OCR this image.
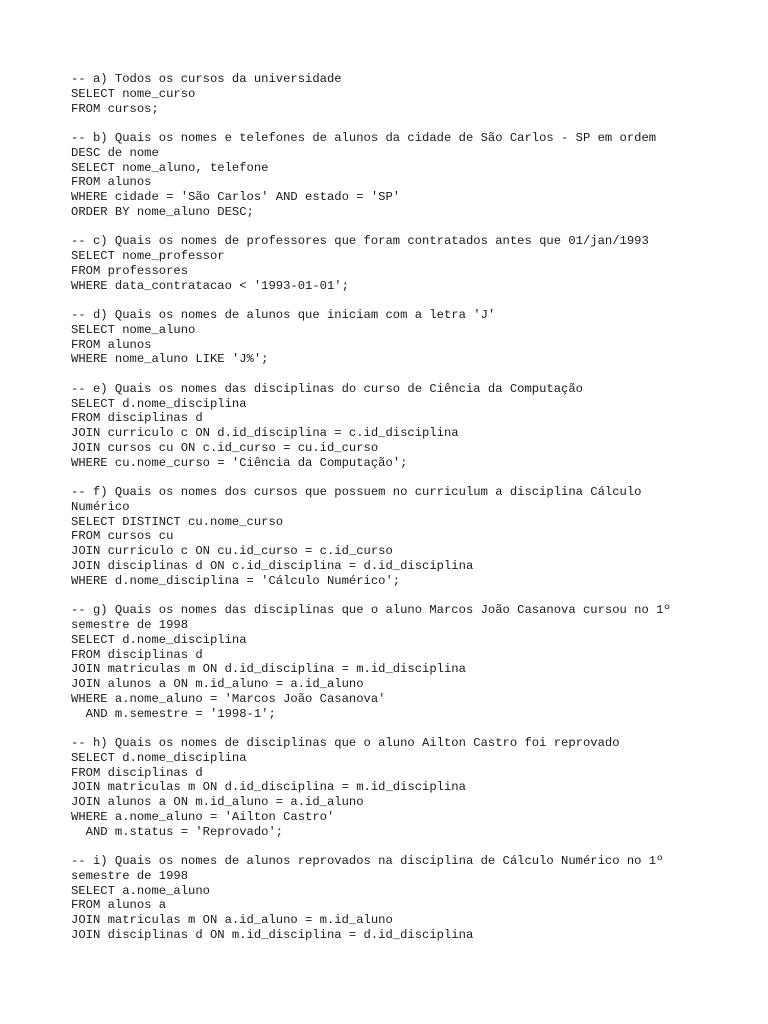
-- a) Todos os cursos da universidade
SELECT nome_curso
FROM cursos;
-- b) Quais os nomes e telefones de alunos da cidade de São Carlos - SP em ordem
DESC de nome
SELECT nome_aluno, telefone
FROM alunos
WHERE cidade = 'São Carlos' AND estado = 'SP'
ORDER BY nome_aluno DESC;
-- c) Quais os nomes de professores que foram contratados antes que 01/jan/1993
SELECT nome_professor
FROM professores
WHERE data_contratacao < '1993-01-01';
-- d) Quais os nomes de alunos que iniciam com a letra 'J'
SELECT nome_aluno
FROM alunos
WHERE nome_aluno LIKE 'J%';
-- e) Quais os nomes das disciplinas do curso de Ciência da Computação
SELECT d.nome_disciplina
FROM disciplinas d
JOIN curriculo c ON d.id_disciplina = c.id_disciplina
JOIN cursos cu ON c.id_curso = cu.id_curso
WHERE cu.nome_curso = 'Ciência da Computação';
-- f) Quais os nomes dos cursos que possuem no curriculum a disciplina Cálculo
Numérico
SELECT DISTINCT cu.nome_curso
FROM cursos cu
JOIN curriculo c ON cu.id_curso = c.id_curso
JOIN disciplinas d ON c.id_disciplina = d.id_disciplina
WHERE d.nome_disciplina = 'Cálculo Numérico';
-- g) Quais os nomes das disciplinas que o aluno Marcos João Casanova cursou no 1º
semestre de 1998
SELECT d.nome_disciplina
FROM disciplinas d
JOIN matriculas m ON d.id_disciplina = m.id_disciplina
JOIN alunos a ON m.id_aluno = a.id_aluno
WHERE a.nome_aluno = 'Marcos João Casanova'
AND m.semestre = '1998-1';
-- h) Quais os nomes de disciplinas que o aluno Ailton Castro foi reprovado
SELECT d.nome_disciplina
FROM disciplinas d
JOIN matriculas m ON d.id_disciplina = m.id_disciplina
JOIN alunos a ON m.id_aluno = a.id_aluno
WHERE a.nome_aluno = 'Ailton Castro'
AND m.status = 'Reprovado';
-- i) Quais os nomes de alunos reprovados na disciplina de Cálculo Numérico no 1º
semestre de 1998
SELECT a.nome_aluno
FROM alunos a
JOIN matriculas m ON a.id_aluno = m.id_aluno
JOIN disciplinas d ON m.id_disciplina = d.id_disciplina
